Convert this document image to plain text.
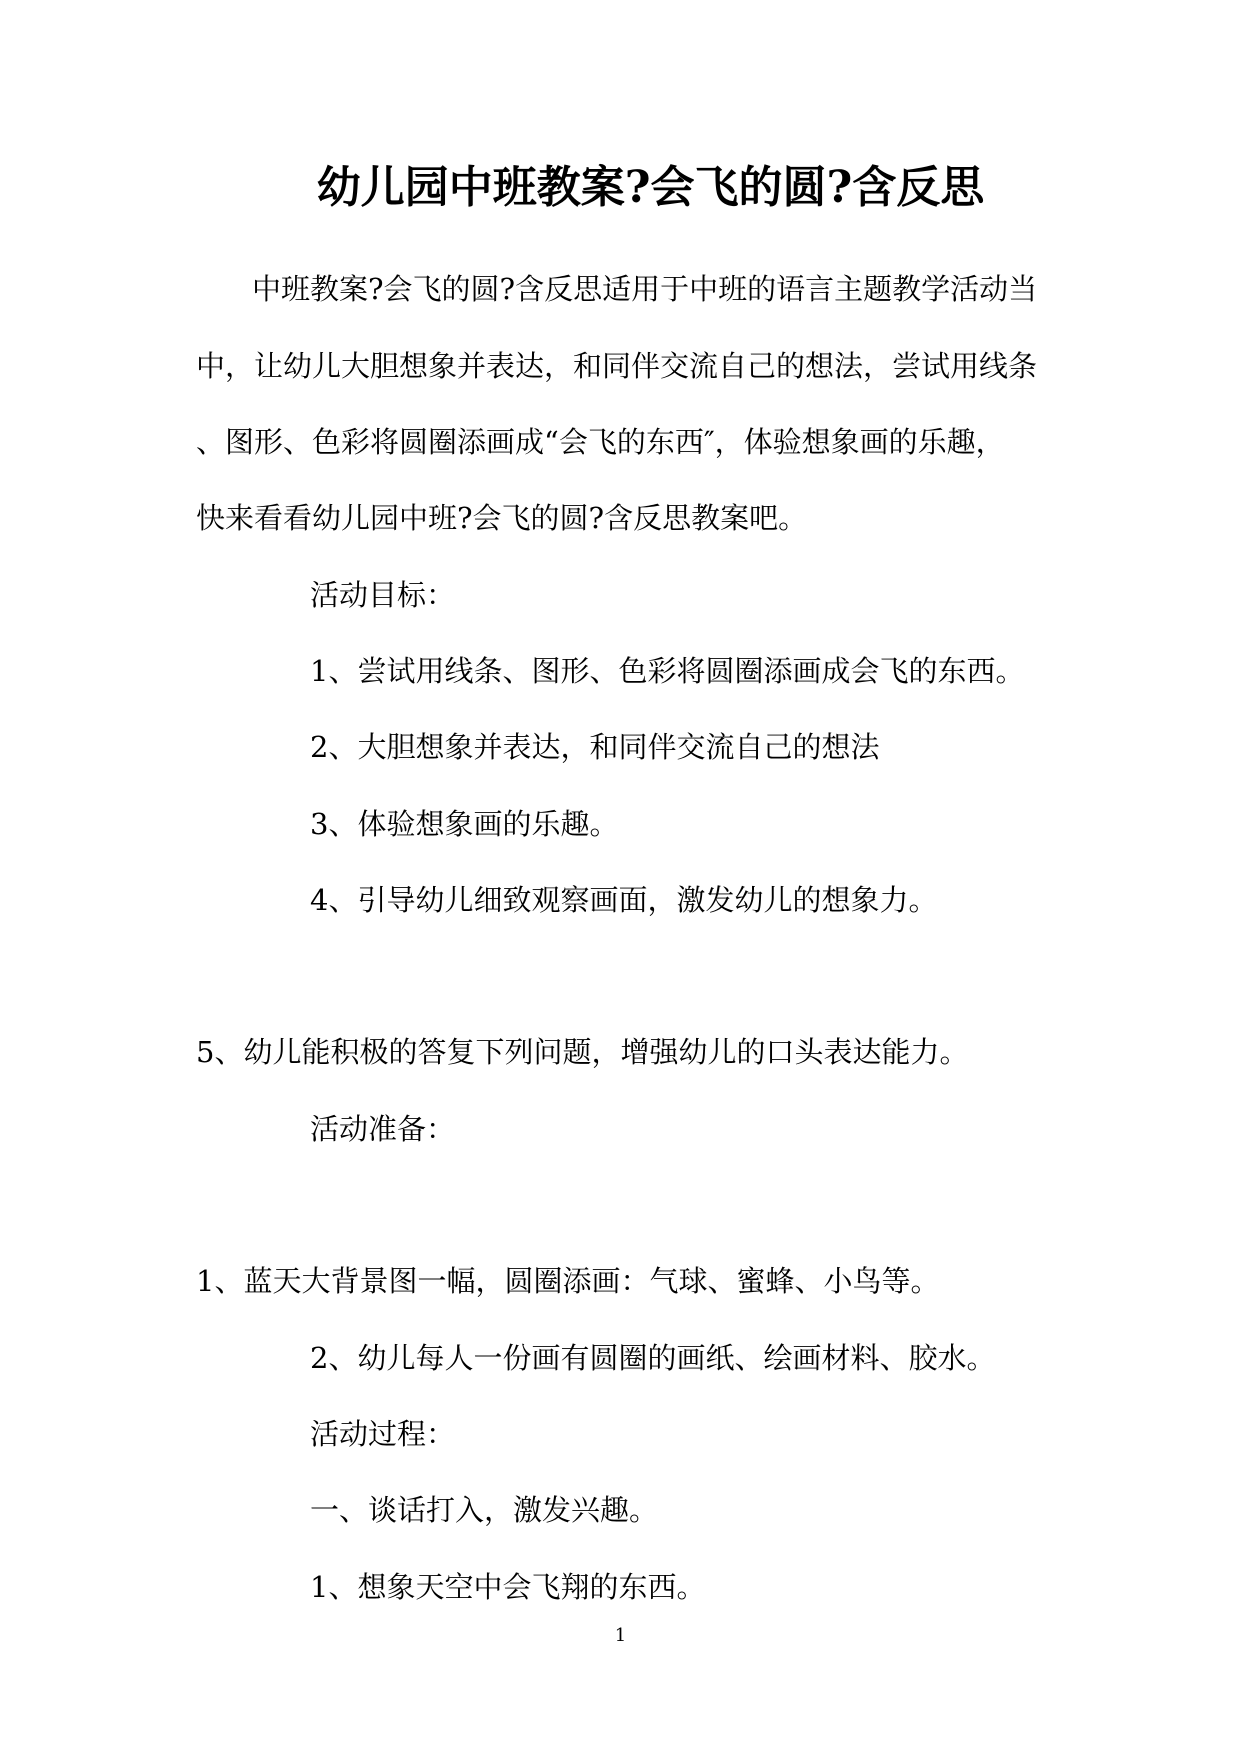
幼儿园中班教案?会飞的圆?含反思
中班教案?会飞的圆?含反思适用于中班的语言主题教学活动当
中，让幼儿大胆想象并表达，和同伴交流自己的想法，尝试用线条
、图形、色彩将圆圈添画成“会飞的东西″，体验想象画的乐趣，
快来看看幼儿园中班?会飞的圆?含反思教案吧。
活动目标：
1、尝试用线条、图形、色彩将圆圈添画成会飞的东西。
2、大胆想象并表达，和同伴交流自己的想法
3、体验想象画的乐趣。
4、引导幼儿细致观察画面，激发幼儿的想象力。
5、幼儿能积极的答复下列问题，增强幼儿的口头表达能力。
活动准备：
1、蓝天大背景图一幅，圆圈添画：气球、蜜蜂、小鸟等。
2、幼儿每人一份画有圆圈的画纸、绘画材料、胶水。
活动过程：
一、谈话打入，激发兴趣。
1、想象天空中会飞翔的东西。
1
